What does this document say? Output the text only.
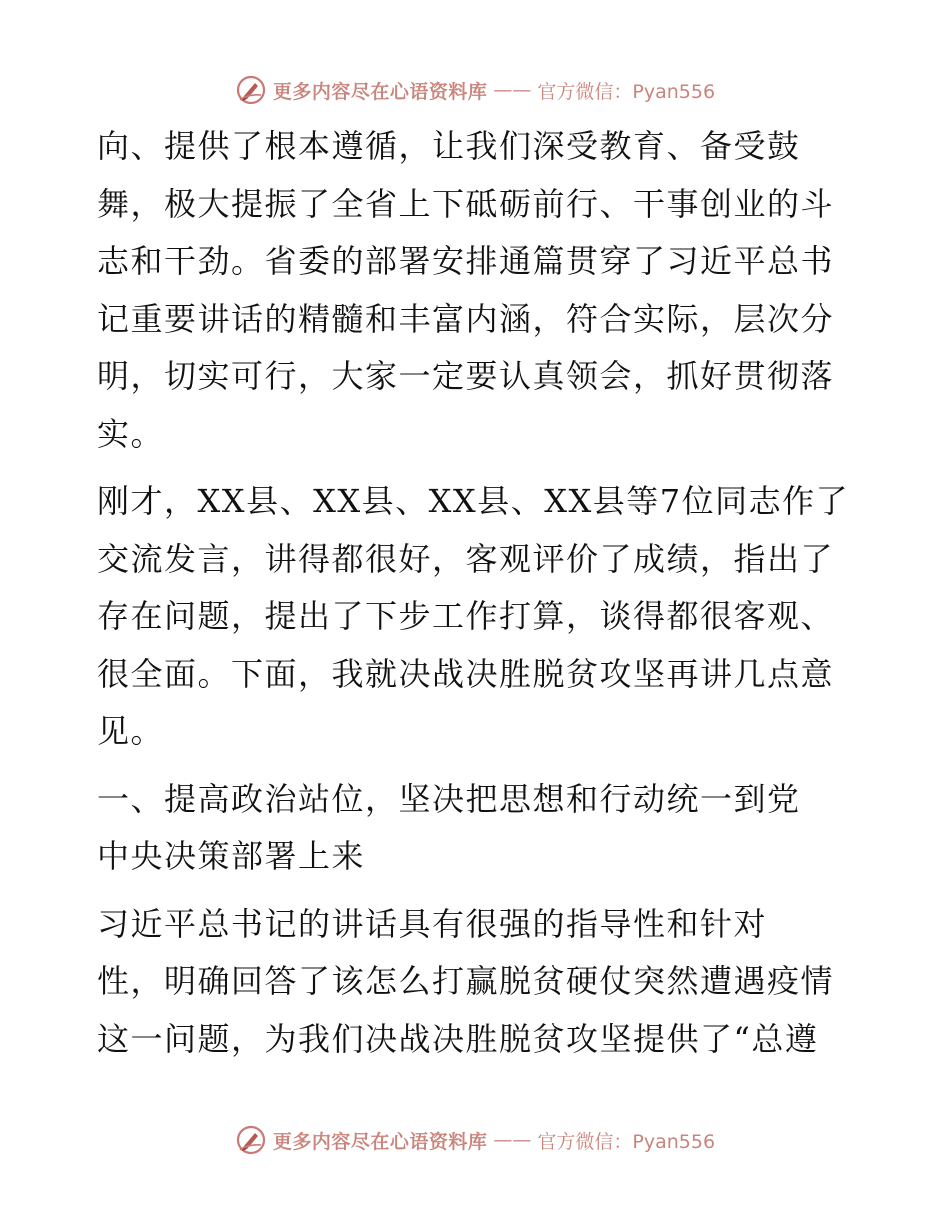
更多内容尽在心语资料库 —— 官方微信：Pyan556
向、提供了根本遵循，让我们深受教育、备受鼓
舞，极大提振了全省上下砥砺前行、干事创业的斗
志和干劲。省委的部署安排通篇贯穿了习近平总书
记重要讲话的精髓和丰富内涵，符合实际，层次分
明，切实可行，大家一定要认真领会，抓好贯彻落
实。
刚才，XX县、XX县、XX县、XX县等7位同志作了
交流发言，讲得都很好，客观评价了成绩，指出了
存在问题，提出了下步工作打算，谈得都很客观、
很全面。下面，我就决战决胜脱贫攻坚再讲几点意
见。
一、提高政治站位，坚决把思想和行动统一到党
中央决策部署上来
习近平总书记的讲话具有很强的指导性和针对
性，明确回答了该怎么打赢脱贫硬仗突然遭遇疫情
这一问题，为我们决战决胜脱贫攻坚提供了“总遵
更多内容尽在心语资料库 —— 官方微信：Pyan556
